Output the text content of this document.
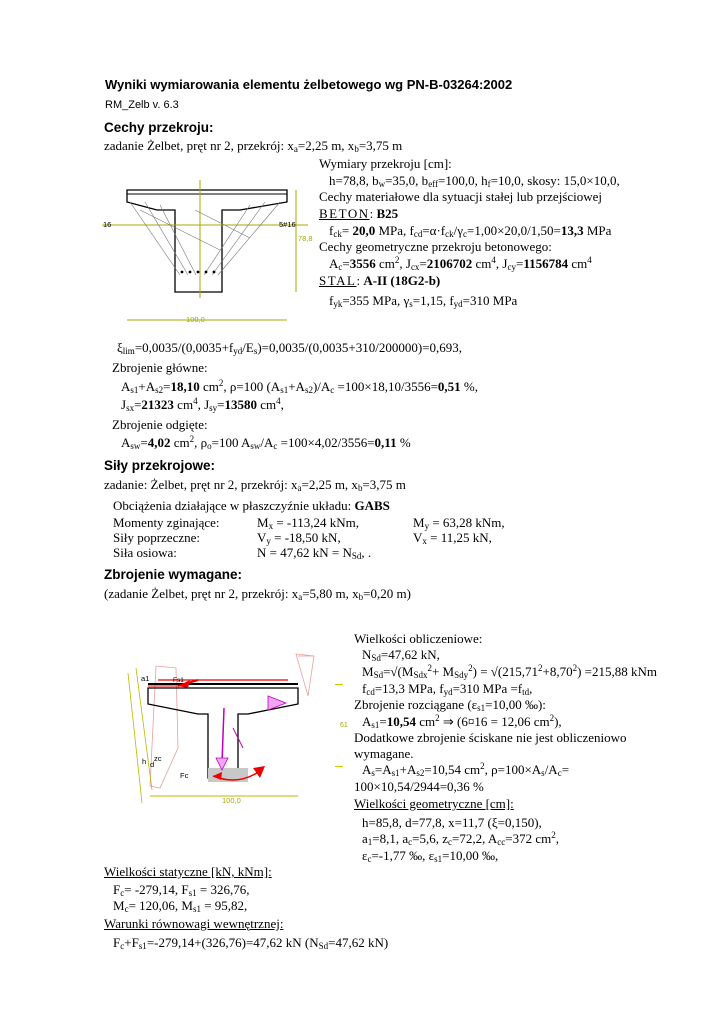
Wyniki wymiarowania elementu żelbetowego wg PN-B-03264:2002
RM_Zelb v. 6.3
Cechy przekroju:
zadanie Żelbet, pręt nr 2, przekrój: $x_a=2,25$ m, $x_b=3,75$ m
16	5#16
78,8
100,0
Wymiary przekroju [cm]:
h=78,8, $b_w=35,0$, $b_{eff}=100,0$, $h_f=10,0$, skosy: 15,0×10,0,
Cechy materiałowe dla sytuacji stałej lub przejściowej
BETON: B25
$f_{ck}= 20,0$ MPa, $f_{cd}=\alpha\cdot f_{ck}/\gamma_c=1,00\times 20,0/1,50=13,3$ MPa
Cechy geometryczne przekroju betonowego:
$A_c=3556$ $cm^2$, $J_{cx}=2106702$ $cm^4$, $J_{cy}=1156784$ $cm^4$
STAL: A-II (18G2-b)
$f_{yk}=355$ MPa, $\gamma_s=1,15$, $f_{yd}=310$ MPa
$\xi_{lim}=0,0035/(0,0035+f_{yd}/E_s)=0,0035/(0,0035+310/200000)=0,693$,
Zbrojenie główne:
$A_{s1}+A_{s2}=18,10$ $cm^2$, ρ=100 $(A_{s1}+A_{s2})/A_c =100\times 18,10/3556=0,51$ %,
$J_{sx}=21323$ $cm^4$, $J_{sy}=13580$ $cm^4$,
Zbrojenie odgięte:
$A_{sw}=4,02$ $cm^2$, $\rho_o=100$ $A_{sw}/A_c =100\times 4,02/3556=0,11$ %
Siły przekrojowe:
zadanie: Żelbet, pręt nr 2, przekrój: $x_a=2,25$ m, $x_b=3,75$ m
Obciążenia działające w płaszczyźnie układu: GABS
Momenty zginające:	$M_x = -113,24$ kNm,	$M_y = 63,28$ kNm,
Siły poprzeczne:	$V_y = -18,50$ kN,	$V_x = 11,25$ kN,
Siła osiowa:	N = 47,62 kN = $N_{Sd}$, .
Zbrojenie wymagane:
(zadanie Żelbet, pręt nr 2, przekrój: $x_a=5,80$ m, $x_b=0,20$ m)
a1	Fs1
h d
zc
Fc
100,0
61
Wielkości obliczeniowe:
$N_{Sd}=47,62$ kN,
$M_{Sd}=√(M_{Sdx}^2+ M_{Sdy}^2) = √(215,71^2+8,70^2) =215,88$ kNm
$f_{cd}=13,3$ MPa, $f_{yd}=310$ MPa $=f_{td}$,
Zbrojenie rozciągane ($\varepsilon_{s1}=10,00$ ‰):
$A_{s1}=10,54$ $cm^2$ ⇒ (6¤16 = 12,06 $cm^2$),
Dodatkowe zbrojenie ściskane nie jest obliczeniowo
wymagane.
$A_s=A_{s1}+A_{s2}=10,54$ $cm^2$, $\rho=100\times A_s/A_c=$
100×10,54/2944=0,36 %
Wielkości geometryczne [cm]:
h=85,8, d=77,8, x=11,7 (ξ=0,150),
$a_1=8,1$, $a_c=5,6$, $z_c=72,2$, $A_{cc}=372$ $cm^2$,
$\varepsilon_c=-1,77$ ‰, $\varepsilon_{s1}=10,00$ ‰,
Wielkości statyczne [kN, kNm]:
$F_c= -279,14$, $F_{s1} = 326,76$,
$M_c= 120,06$, $M_{s1} = 95,82$,
Warunki równowagi wewnętrznej:
$F_c+F_{s1}=-279,14+(326,76)=47,62$ kN ($N_{Sd}=47,62$ kN)
